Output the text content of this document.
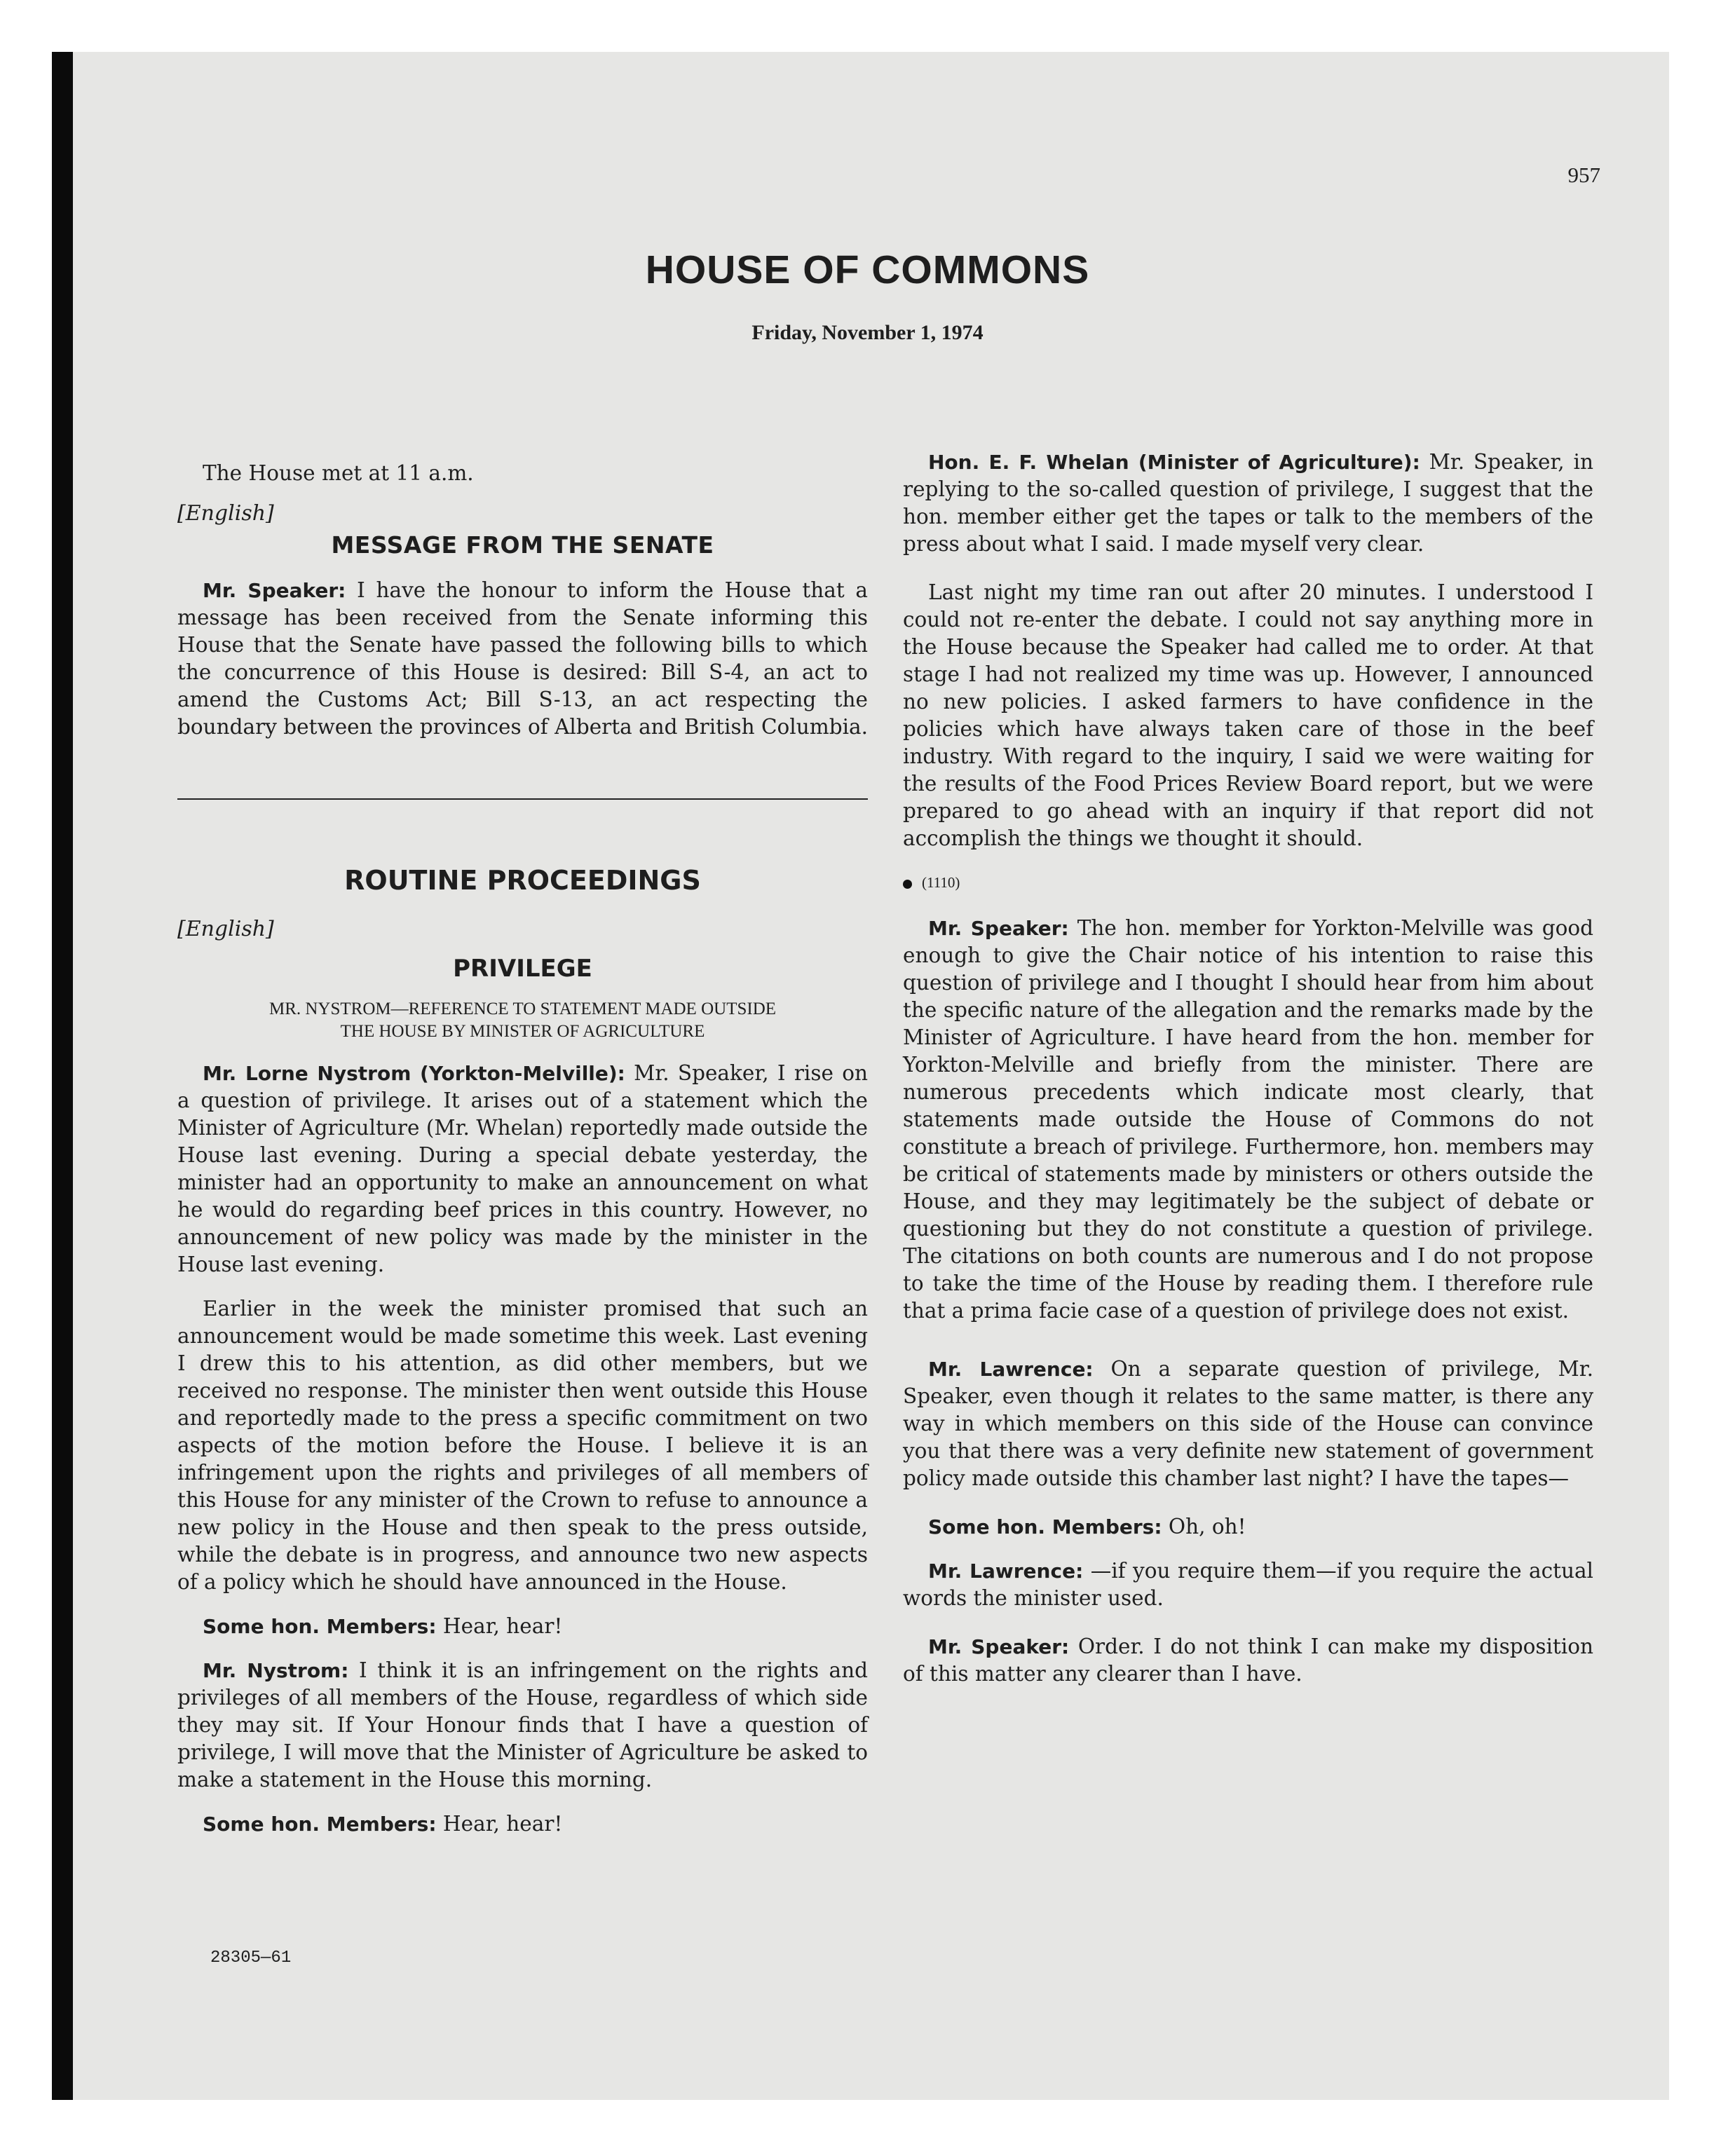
957
HOUSE OF COMMONS
Friday, November 1, 1974

The House met at 11 a.m.

[English]
MESSAGE FROM THE SENATE

Mr. Speaker: I have the honour to inform the House that a message has been received from the Senate informing this House that the Senate have passed the following bills to which the concurrence of this House is desired: Bill S-4, an act to amend the Customs Act; Bill S-13, an act respecting the boundary between the provinces of Alberta and British Columbia.

ROUTINE PROCEEDINGS
[English]
PRIVILEGE
MR. NYSTROM—REFERENCE TO STATEMENT MADE OUTSIDE
THE HOUSE BY MINISTER OF AGRICULTURE

Mr. Lorne Nystrom (Yorkton-Melville): Mr. Speaker, I rise on a question of privilege. It arises out of a statement which the Minister of Agriculture (Mr. Whelan) reportedly made outside the House last evening. During a special debate yesterday, the minister had an opportunity to make an announcement on what he would do regarding beef prices in this country. However, no announcement of new policy was made by the minister in the House last evening.

Earlier in the week the minister promised that such an announcement would be made sometime this week. Last evening I drew this to his attention, as did other members, but we received no response. The minister then went outside this House and reportedly made to the press a specific commitment on two aspects of the motion before the House. I believe it is an infringement upon the rights and privileges of all members of this House for any minister of the Crown to refuse to announce a new policy in the House and then speak to the press outside, while the debate is in progress, and announce two new aspects of a policy which he should have announced in the House.

Some hon. Members: Hear, hear!

Mr. Nystrom: I think it is an infringement on the rights and privileges of all members of the House, regardless of which side they may sit. If Your Honour finds that I have a question of privilege, I will move that the Minister of Agriculture be asked to make a statement in the House this morning.

Some hon. Members: Hear, hear!

Hon. E. F. Whelan (Minister of Agriculture): Mr. Speaker, in replying to the so-called question of privilege, I suggest that the hon. member either get the tapes or talk to the members of the press about what I said. I made myself very clear.

Last night my time ran out after 20 minutes. I understood I could not re-enter the debate. I could not say anything more in the House because the Speaker had called me to order. At that stage I had not realized my time was up. However, I announced no new policies. I asked farmers to have confidence in the policies which have always taken care of those in the beef industry. With regard to the inquiry, I said we were waiting for the results of the Food Prices Review Board report, but we were prepared to go ahead with an inquiry if that report did not accomplish the things we thought it should.

(1110)

Mr. Speaker: The hon. member for Yorkton-Melville was good enough to give the Chair notice of his intention to raise this question of privilege and I thought I should hear from him about the specific nature of the allegation and the remarks made by the Minister of Agriculture. I have heard from the hon. member for Yorkton-Melville and briefly from the minister. There are numerous precedents which indicate most clearly, that statements made outside the House of Commons do not constitute a breach of privilege. Furthermore, hon. members may be critical of statements made by ministers or others outside the House, and they may legitimately be the subject of debate or questioning but they do not constitute a question of privilege. The citations on both counts are numerous and I do not propose to take the time of the House by reading them. I therefore rule that a prima facie case of a question of privilege does not exist.

Mr. Lawrence: On a separate question of privilege, Mr. Speaker, even though it relates to the same matter, is there any way in which members on this side of the House can convince you that there was a very definite new statement of government policy made outside this chamber last night? I have the tapes—

Some hon. Members: Oh, oh!

Mr. Lawrence: —if you require them—if you require the actual words the minister used.

Mr. Speaker: Order. I do not think I can make my disposition of this matter any clearer than I have.

28305—61
